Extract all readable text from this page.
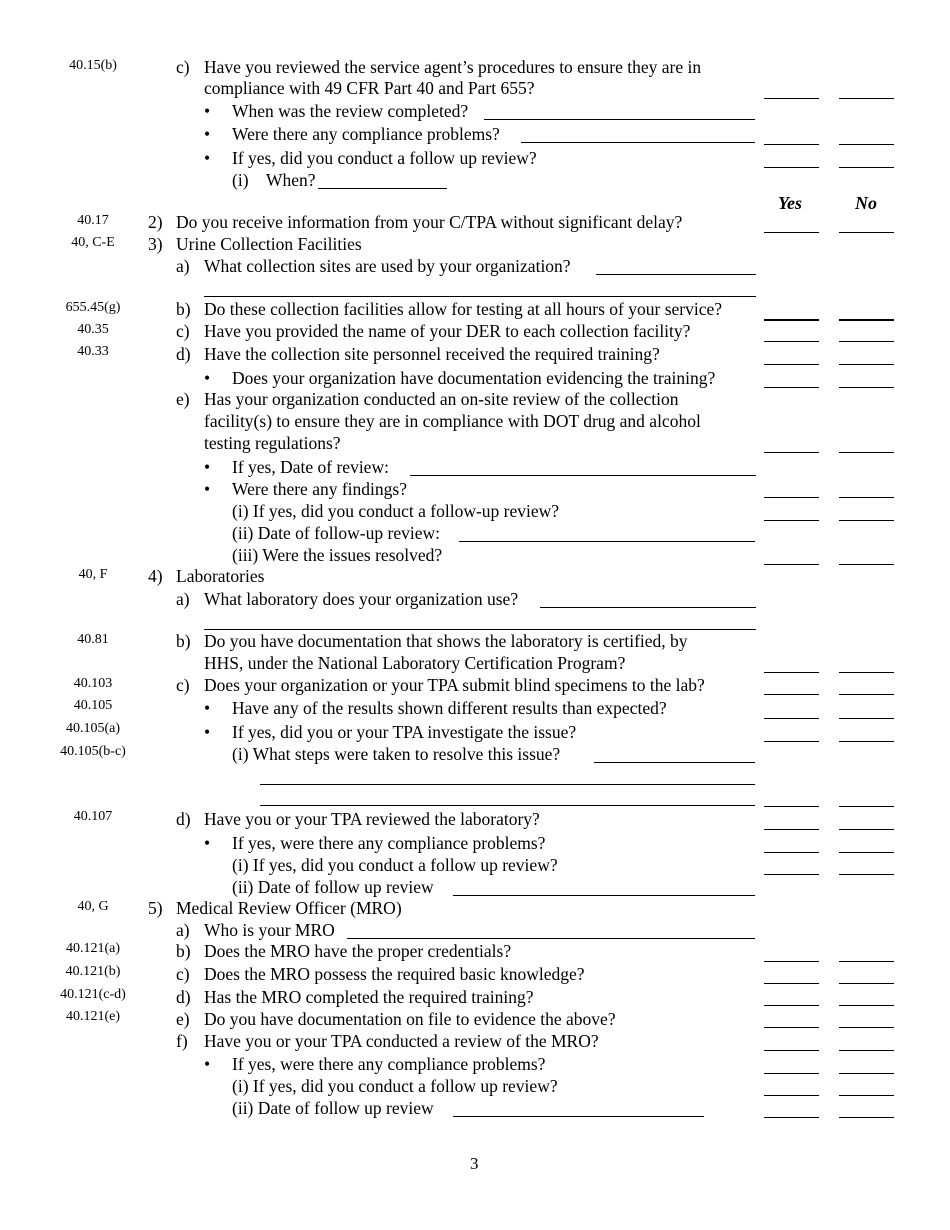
40.15(b)
40.17
40, C-E
655.45(g)
40.35
40.33
40, F
40.81
40.103
40.105
40.105(a)
40.105(b-c)
40.107
40, G
40.121(a)
40.121(b)
40.121(c-d)
40.121(e)
Yes	No
c) Have you reviewed the service agent’s procedures to ensure they are in
compliance with 49 CFR Part 40 and Part 655?
• When was the review completed?
• Were there any compliance problems?
• If yes, did you conduct a follow up review?
(i) When?
2) Do you receive information from your C/TPA without significant delay?
3) Urine Collection Facilities
a) What collection sites are used by your organization?
b) Do these collection facilities allow for testing at all hours of your service?
c) Have you provided the name of your DER to each collection facility?
d) Have the collection site personnel received the required training?
• Does your organization have documentation evidencing the training?
e) Has your organization conducted an on-site review of the collection
facility(s) to ensure they are in compliance with DOT drug and alcohol
testing regulations?
• If yes, Date of review:
• Were there any findings?
(i) If yes, did you conduct a follow-up review?
(ii) Date of follow-up review:
(iii) Were the issues resolved?
4) Laboratories
a) What laboratory does your organization use?
b) Do you have documentation that shows the laboratory is certified, by
HHS, under the National Laboratory Certification Program?
c) Does your organization or your TPA submit blind specimens to the lab?
• Have any of the results shown different results than expected?
• If yes, did you or your TPA investigate the issue?
(i) What steps were taken to resolve this issue?
d) Have you or your TPA reviewed the laboratory?
• If yes, were there any compliance problems?
(i) If yes, did you conduct a follow up review?
(ii) Date of follow up review
5) Medical Review Officer (MRO)
a) Who is your MRO
b) Does the MRO have the proper credentials?
c) Does the MRO possess the required basic knowledge?
d) Has the MRO completed the required training?
e) Do you have documentation on file to evidence the above?
f) Have you or your TPA conducted a review of the MRO?
• If yes, were there any compliance problems?
(i) If yes, did you conduct a follow up review?
(ii) Date of follow up review
3
